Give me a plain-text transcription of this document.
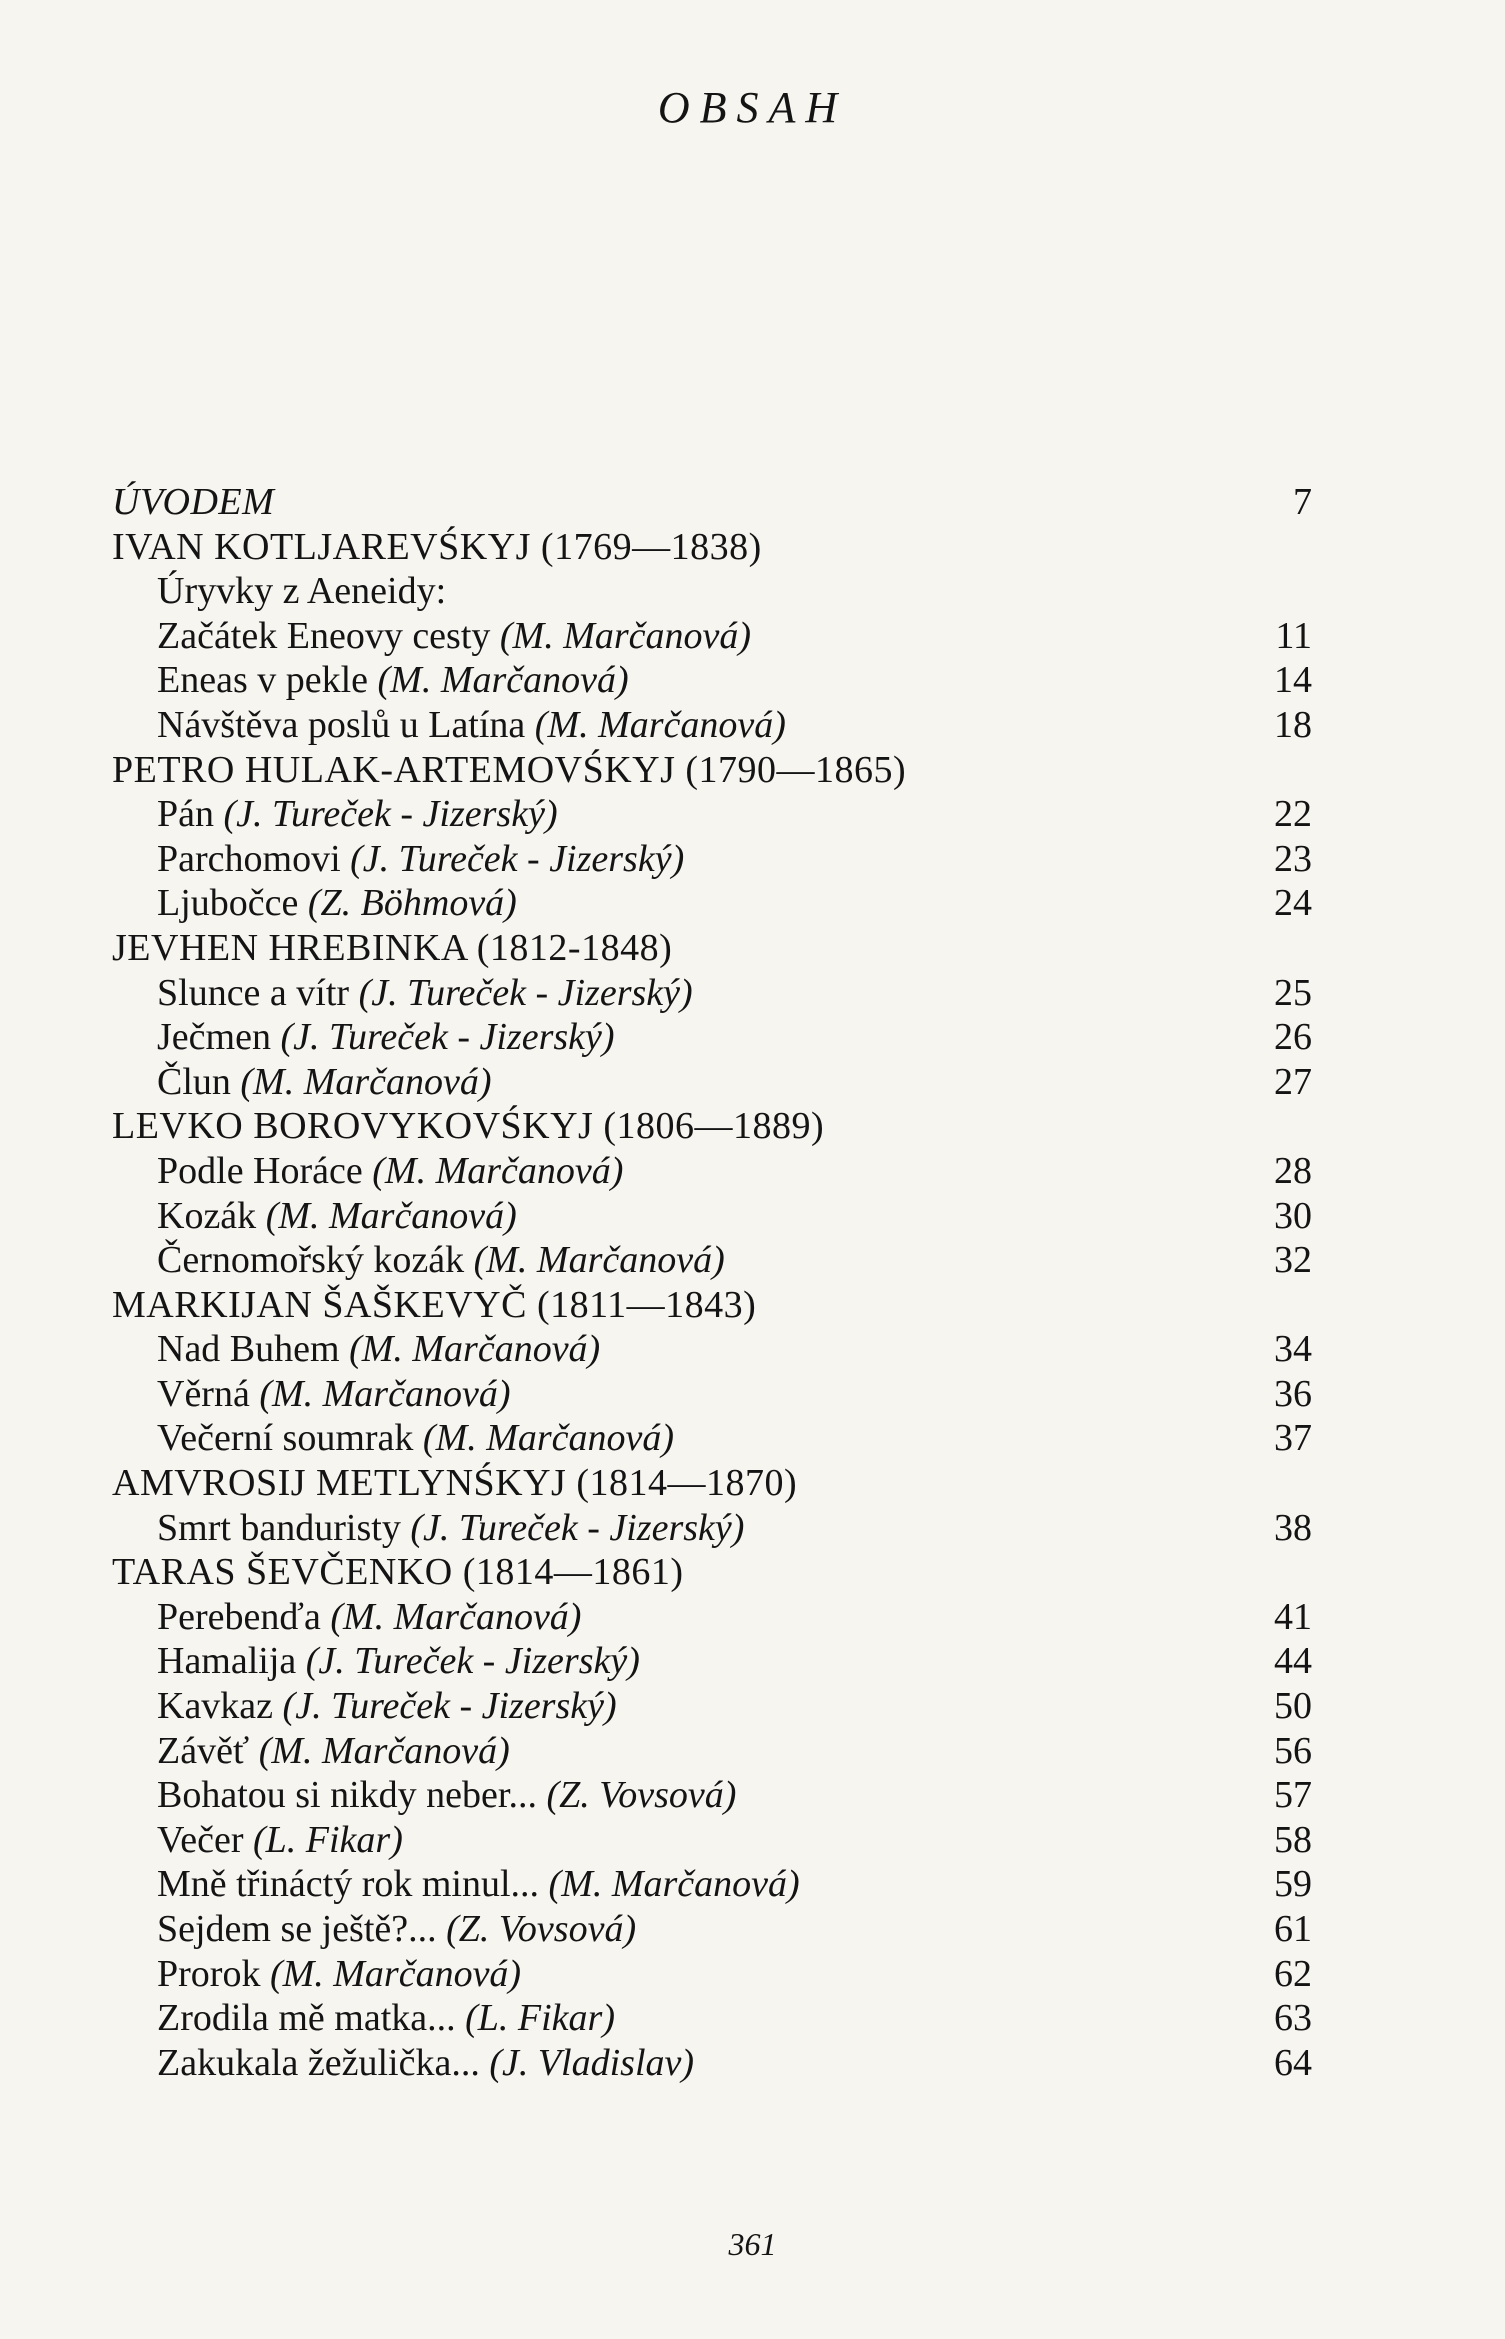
OBSAH
ÚVODEM	7
IVAN KOTLJAREVŚKYJ (1769—1838)
Úryvky z Aeneidy:
Začátek Eneovy cesty (M. Marčanová)	11
Eneas v pekle (M. Marčanová)	14
Návštěva poslů u Latína (M. Marčanová)	18
PETRO HULAK-ARTEMOVŚKYJ (1790—1865)
Pán (J. Tureček - Jizerský)	22
Parchomovi (J. Tureček - Jizerský)	23
Ljubočce (Z. Böhmová)	24
JEVHEN HREBINKA (1812-1848)
Slunce a vítr (J. Tureček - Jizerský)	25
Ječmen (J. Tureček - Jizerský)	26
Člun (M. Marčanová)	27
LEVKO BOROVYKOVŚKYJ (1806—1889)
Podle Horáce (M. Marčanová)	28
Kozák (M. Marčanová)	30
Černomořský kozák (M. Marčanová)	32
MARKIJAN ŠAŠKEVYČ (1811—1843)
Nad Buhem (M. Marčanová)	34
Věrná (M. Marčanová)	36
Večerní soumrak (M. Marčanová)	37
AMVROSIJ METLYNŚKYJ (1814—1870)
Smrt banduristy (J. Tureček - Jizerský)	38
TARAS ŠEVČENKO (1814—1861)
Perebenďa (M. Marčanová)	41
Hamalija (J. Tureček - Jizerský)	44
Kavkaz (J. Tureček - Jizerský)	50
Závěť (M. Marčanová)	56
Bohatou si nikdy neber... (Z. Vovsová)	57
Večer (L. Fikar)	58
Mně třináctý rok minul... (M. Marčanová)	59
Sejdem se ještě?... (Z. Vovsová)	61
Prorok (M. Marčanová)	62
Zrodila mě matka... (L. Fikar)	63
Zakukala žežulička... (J. Vladislav)	64
361
